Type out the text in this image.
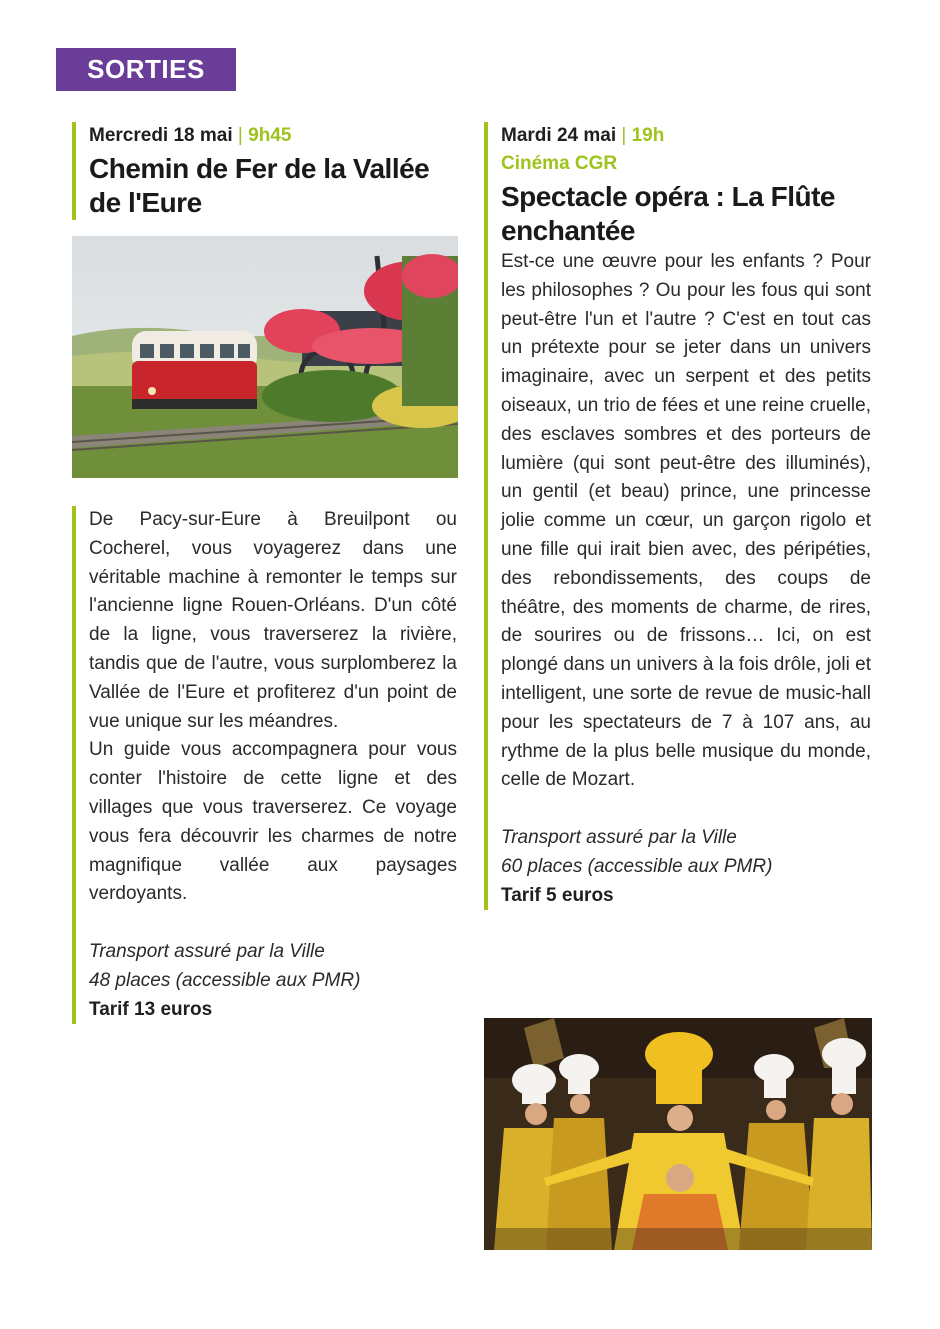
SORTIES
Mercredi 18 mai | 9h45
Chemin de Fer de la Vallée
de l'Eure

De Pacy-sur-Eure à Breuilpont ou Cocherel, vous voyagerez dans une véritable machine à remonter le temps sur l'ancienne ligne Rouen-Orléans. D'un côté de la ligne, vous traverserez la rivière, tandis que de l'autre, vous surplomberez la Vallée de l'Eure et profiterez d'un point de vue unique sur les méandres.

Un guide vous accompagnera pour vous conter l'histoire de cette ligne et des villages que vous traverserez. Ce voyage vous fera découvrir les charmes de notre magnifique vallée aux paysages verdoyants.

Transport assuré par la Ville
48 places (accessible aux PMR)
Tarif 13 euros
Mardi 24 mai | 19h
Cinéma CGR
Spectacle opéra : La Flûte
enchantée

Est-ce une œuvre pour les enfants ? Pour les philosophes ? Ou pour les fous qui sont peut-être l'un et l'autre ? C'est en tout cas un prétexte pour se jeter dans un univers imaginaire, avec un serpent et des petits oiseaux, un trio de fées et une reine cruelle, des esclaves sombres et des porteurs de lumière (qui sont peut-être des illuminés), un gentil (et beau) prince, une princesse jolie comme un cœur, un garçon rigolo et une fille qui irait bien avec, des péripéties, des rebondissements, des coups de théâtre, des moments de charme, de rires, de sourires ou de frissons… Ici, on est plongé dans un univers à la fois drôle, joli et intelligent, une sorte de revue de music-hall pour les spectateurs de 7 à 107 ans, au rythme de la plus belle musique du monde, celle de Mozart.

Transport assuré par la Ville
60 places (accessible aux PMR)
Tarif 5 euros
